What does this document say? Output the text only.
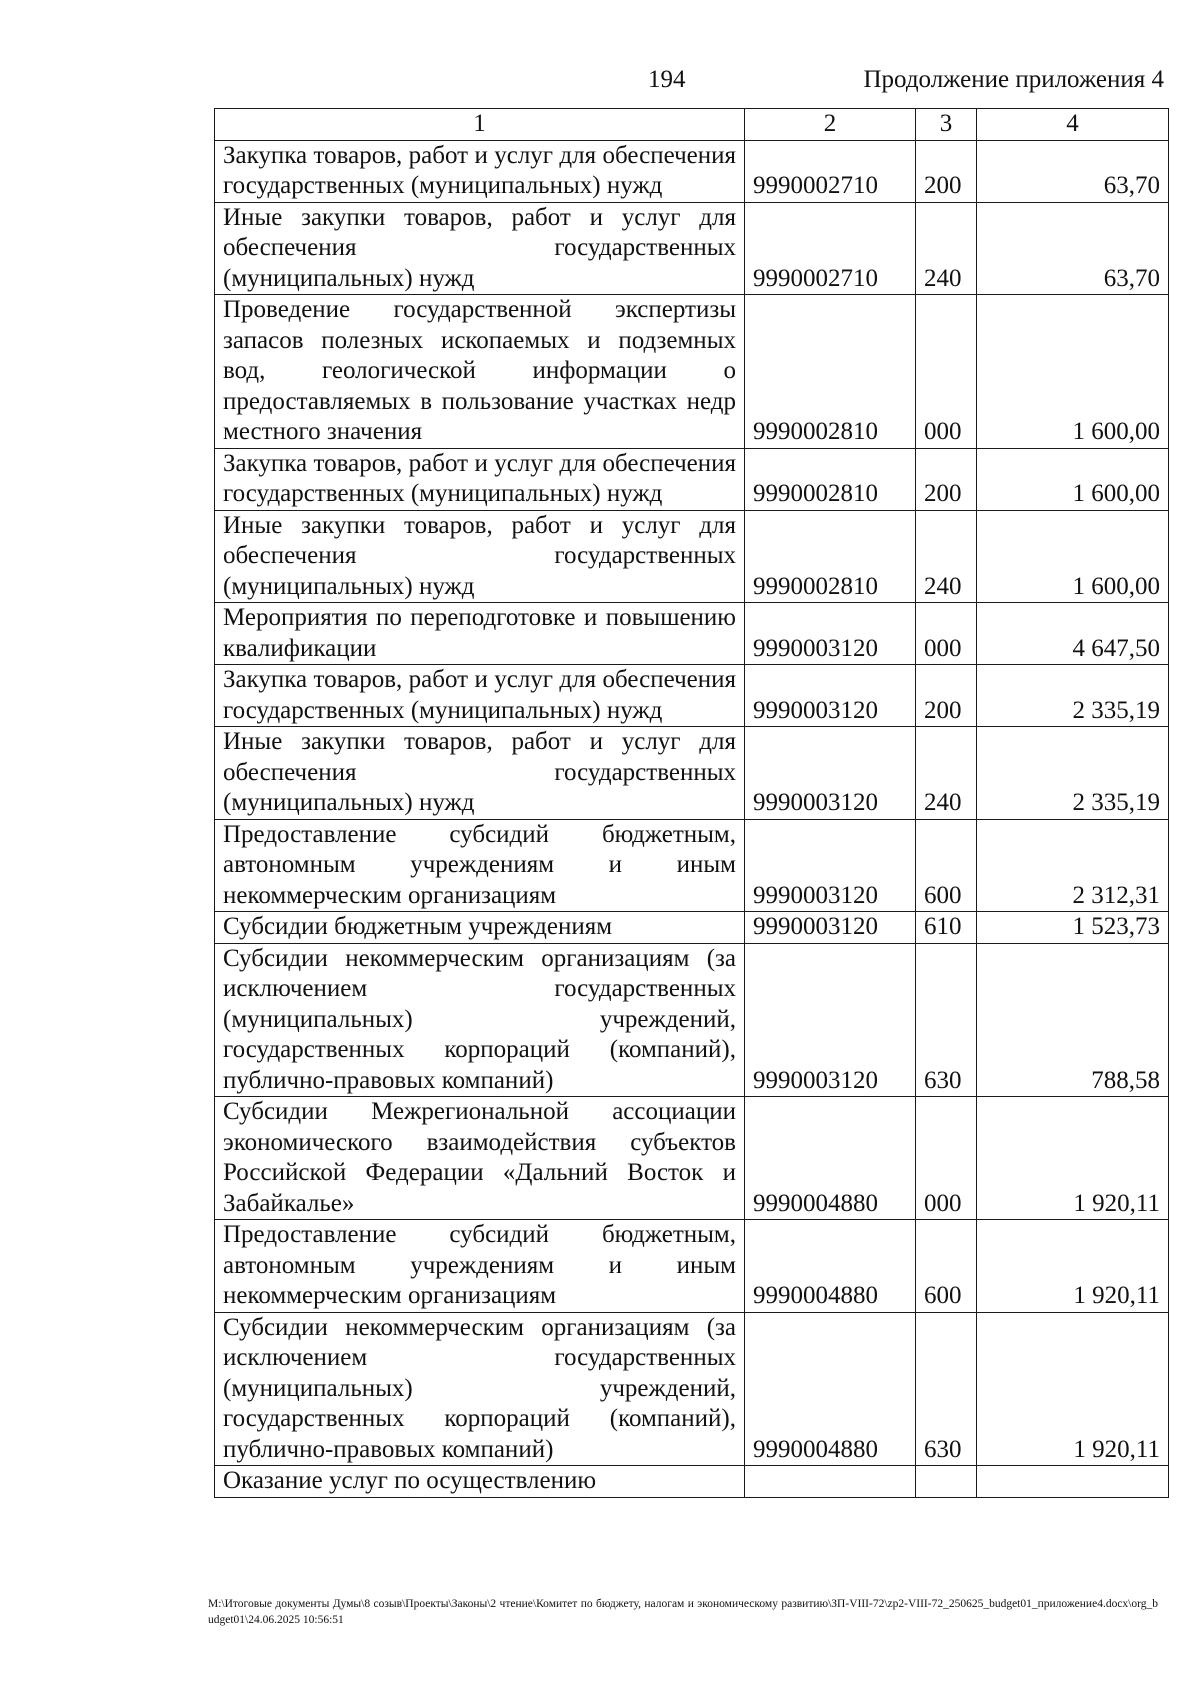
194	Продолжение приложения 4
1	2	3	4
Закупка товаров, работ и услуг для обеспечения государственных (муниципальных) нужд	9990002710	200	63,70
Иные закупки товаров, работ и услуг для обеспечения государственных (муниципальных) нужд	9990002710	240	63,70
Проведение государственной экспертизы запасов полезных ископаемых и подземных вод, геологической информации о предоставляемых в пользование участках недр местного значения	9990002810	000	1 600,00
Закупка товаров, работ и услуг для обеспечения государственных (муниципальных) нужд	9990002810	200	1 600,00
Иные закупки товаров, работ и услуг для обеспечения государственных (муниципальных) нужд	9990002810	240	1 600,00
Мероприятия по переподготовке и повышению квалификации	9990003120	000	4 647,50
Закупка товаров, работ и услуг для обеспечения государственных (муниципальных) нужд	9990003120	200	2 335,19
Иные закупки товаров, работ и услуг для обеспечения государственных (муниципальных) нужд	9990003120	240	2 335,19
Предоставление субсидий бюджетным, автономным учреждениям и иным некоммерческим организациям	9990003120	600	2 312,31
Субсидии бюджетным учреждениям	9990003120	610	1 523,73
Субсидии некоммерческим организациям (за исключением государственных (муниципальных) учреждений, государственных корпораций (компаний), публично-правовых компаний)	9990003120	630	788,58
Субсидии Межрегиональной ассоциации экономического взаимодействия субъектов Российской Федерации «Дальний Восток и Забайкалье»	9990004880	000	1 920,11
Предоставление субсидий бюджетным, автономным учреждениям и иным некоммерческим организациям	9990004880	600	1 920,11
Субсидии некоммерческим организациям (за исключением государственных (муниципальных) учреждений, государственных корпораций (компаний), публично-правовых компаний)	9990004880	630	1 920,11
Оказание услуг по осуществлению			
M:\Итоговые документы Думы\8 созыв\Проекты\Законы\2 чтение\Комитет по бюджету, налогам и экономическому развитию\ЗП-VIII-72\zp2-VIII-72_250625_budget01_приложение4.docx\org_budget01\24.06.2025 10:56:51
